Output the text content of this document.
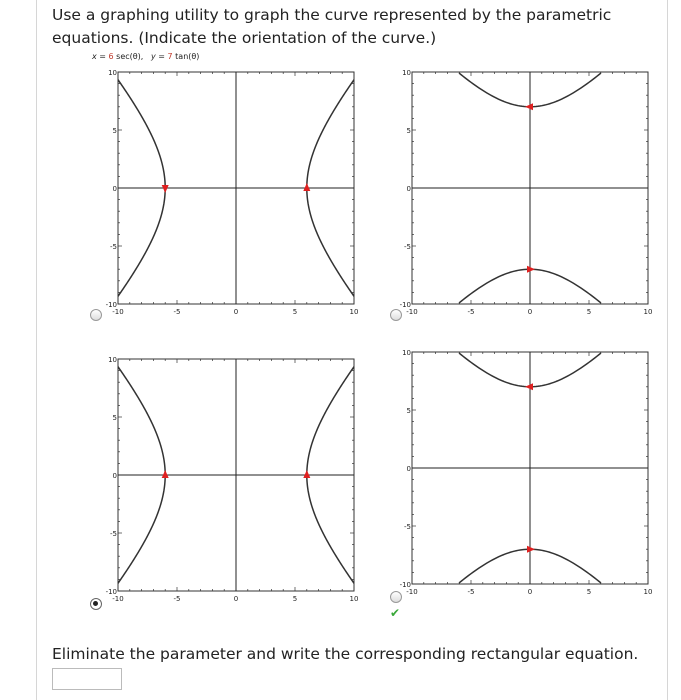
Use a graphing utility to graph the curve represented by the parametric equations. (Indicate the orientation of the curve.)
x = 6 sec(θ), y = 7 tan(θ)
-10	-5	0	5	10
10
5
0
-5
-10
-10	-5	0	5	10
10
5
0
-5
-10
-10	-5	0	5	10
10
5
0
-5
-10	-10	-5	0	5	10
10
5
0
-5
-10
✔
Eliminate the parameter and write the corresponding rectangular equation.
